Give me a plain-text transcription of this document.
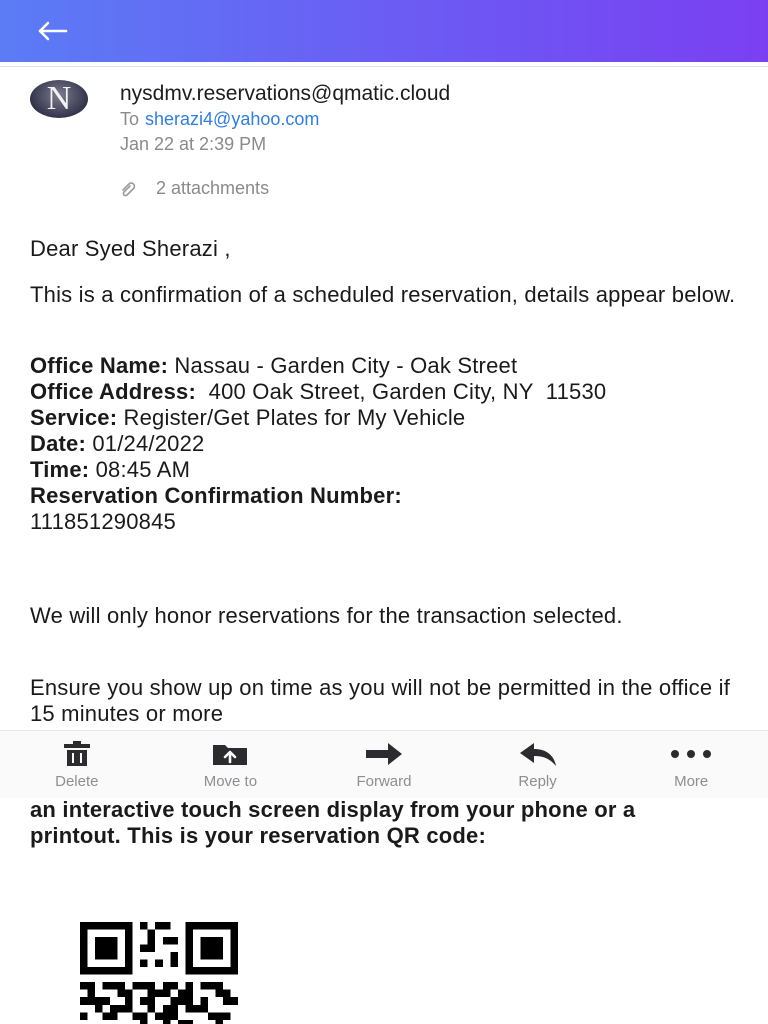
N nysdmv.reservations@qmatic.cloud
To sherazi4@yahoo.com
Jan 22 at 2:39 PM
2 attachments
Dear Syed Sherazi ,
This is a confirmation of a scheduled reservation, details appear below.
Office Name: Nassau - Garden City - Oak Street
Office Address:  400 Oak Street, Garden City, NY  11530
Service: Register/Get Plates for My Vehicle
Date: 01/24/2022
Time: 08:45 AM
Reservation Confirmation Number: 111851290845
We will only honor reservations for the transaction selected.
Ensure you show up on time as you will not be permitted in the office if 15 minutes or more
Delete	Move to	Forward	Reply	More
an interactive touch screen display from your phone or a printout. This is your reservation QR code:
